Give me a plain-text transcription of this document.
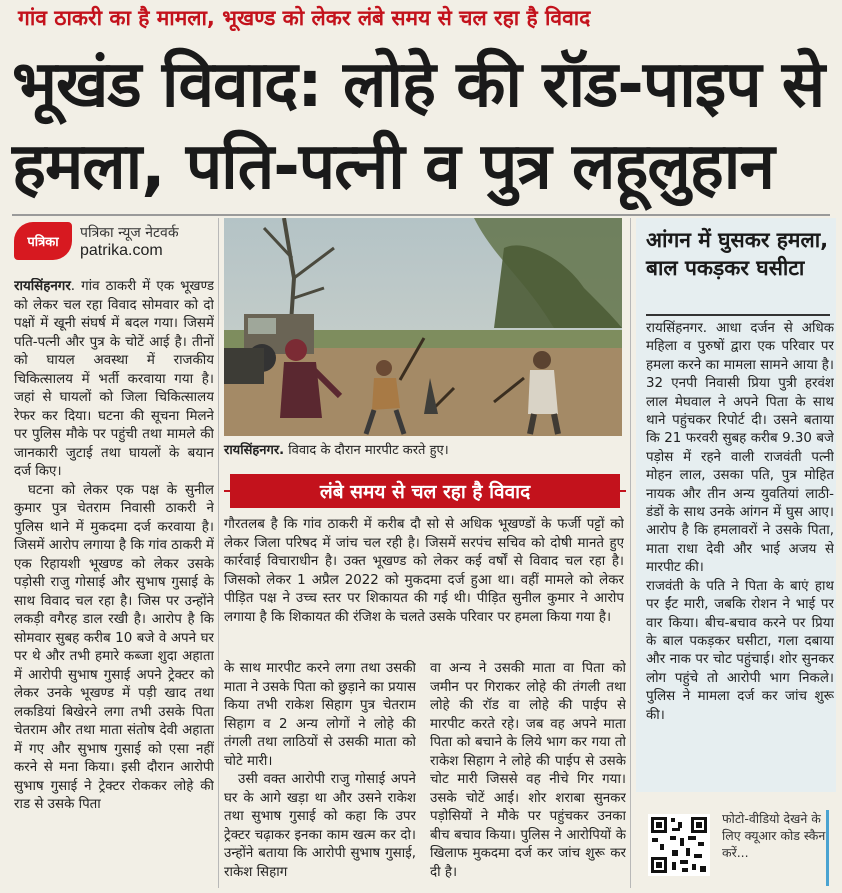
गांव ठाकरी का है मामला, भूखण्ड को लेकर लंबे समय से चल रहा है विवाद
भूखंड विवाद: लोहे की रॉड-पाइप से
हमला, पति-पत्नी व पुत्र लहूलुहान
पत्रिका
पत्रिका न्यूज नेटवर्क
patrika.com

रायसिंहनगर. गांव ठाकरी में एक भूखण्ड को लेकर चल रहा विवाद सोमवार को दो पक्षों में खूनी संघर्ष में बदल गया। जिसमें पति-पत्नी और पुत्र के चोटें आई है। तीनों को घायल अवस्था में राजकीय चिकित्सालय में भर्ती करवाया गया है। जहां से घायलों को जिला चिकित्सालय रेफर कर दिया। घटना की सूचना मिलने पर पुलिस मौके पर पहुंची तथा मामले की जानकारी जुटाई तथा घायलों के बयान दर्ज किए।

घटना को लेकर एक पक्ष के सुनील कुमार पुत्र चेतराम निवासी ठाकरी ने पुलिस थाने में मुकदमा दर्ज करवाया है। जिसमें आरोप लगाया है कि गांव ठाकरी में एक रिहायशी भूखण्ड को लेकर उसके पड़ोसी राजु गोसाई और सुभाष गुसाई के साथ विवाद चल रहा है। जिस पर उन्होंने लकड़ी वगैरह डाल रखी है। आरोप है कि सोमवार सुबह करीब 10 बजे वे अपने घर पर थे और तभी हमारे कब्जा शुदा अहाता में आरोपी सुभाष गुसाई अपने ट्रेक्टर को लेकर उनके भूखण्ड में पड़ी खाद तथा लकडियां बिखेरने लगा तभी उसके पिता चेतराम और तथा माता संतोष देवी अहाता में गए और सुभाष गुसाई को एसा नहीं करने से मना किया। इसी दौरान आरोपी सुभाष गुसाई ने ट्रेक्टर रोककर लोहे की राड से उसके पिता

रायसिंहनगर. विवाद के दौरान मारपीट करते हुए।
लंबे समय से चल रहा है विवाद

गौरतलब है कि गांव ठाकरी में करीब दौ सो से अधिक भूखण्डों के फर्जी पट्टों को लेकर जिला परिषद में जांच चल रही है। जिसमें सरपंच सचिव को दोषी मानते हुए कार्रवाई विचाराधीन है। उक्त भूखण्ड को लेकर कई वर्षों से विवाद चल रहा है। जिसको लेकर 1 अप्रैल 2022 को मुकदमा दर्ज हुआ था। वहीं मामले को लेकर पीड़ित पक्ष ने उच्च स्तर पर शिकायत की गई थी। पीड़ित सुनील कुमार ने आरोप लगाया है कि शिकायत की रंजिश के चलते उसके परिवार पर हमला किया गया है।

के साथ मारपीट करने लगा तथा उसकी माता ने उसके पिता को छुड़ाने का प्रयास किया तभी राकेश सिहाग पुत्र चेतराम सिहाग व 2 अन्य लोगों ने लोहे की तंगली तथा लाठियों से उसकी माता को चोटे मारी।

उसी वक्त आरोपी राजु गोसाई अपने घर के आगे खड़ा था और उसने राकेश तथा सुभाष गुसाई को कहा कि उपर ट्रेक्टर चढ़ाकर इनका काम खत्म कर दो। उन्होंने बताया कि आरोपी सुभाष गुसाई, राकेश सिहाग

वा अन्य ने उसकी माता वा पिता को जमीन पर गिराकर लोहे की तंगली तथा लोहे की रॉड वा लोहे की पाईप से मारपीट करते रहे। जब वह अपने माता पिता को बचाने के लिये भाग कर गया तो राकेश सिहाग ने लोहे की पाईप से उसके चोट मारी जिससे वह नीचे गिर गया। उसके चोटें आई। शोर शराबा सुनकर पड़ोसियों ने मौके पर पहुंचकर उनका बीच बचाव किया। पुलिस ने आरोपियों के खिलाफ मुकदमा दर्ज कर जांच शुरू कर दी है।

आंगन में घुसकर हमला, बाल पकड़कर घसीटा

रायसिंहनगर. आधा दर्जन से अधिक महिला व पुरुषों द्वारा एक परिवार पर हमला करने का मामला सामने आया है। 32 एनपी निवासी प्रिया पुत्री हरवंश लाल मेघवाल ने अपने पिता के साथ थाने पहुंचकर रिपोर्ट दी। उसने बताया कि 21 फरवरी सुबह करीब 9.30 बजे पड़ोस में रहने वाली राजवंती पत्नी मोहन लाल, उसका पति, पुत्र मोहित नायक और तीन अन्य युवतियां लाठी-डंडों के साथ उनके आंगन में घुस आए। आरोप है कि हमलावरों ने उसके पिता, माता राधा देवी और भाई अजय से मारपीट की।

राजवंती के पति ने पिता के बाएं हाथ पर ईंट मारी, जबकि रोशन ने भाई पर वार किया। बीच-बचाव करने पर प्रिया के बाल पकड़कर घसीटा, गला दबाया और नाक पर चोट पहुंचाई। शोर सुनकर लोग पहुंचे तो आरोपी भाग निकले। पुलिस ने मामला दर्ज कर जांच शुरू की।

फोटो-वीडियो देखने के लिए क्यूआर कोड स्कैन करें...
